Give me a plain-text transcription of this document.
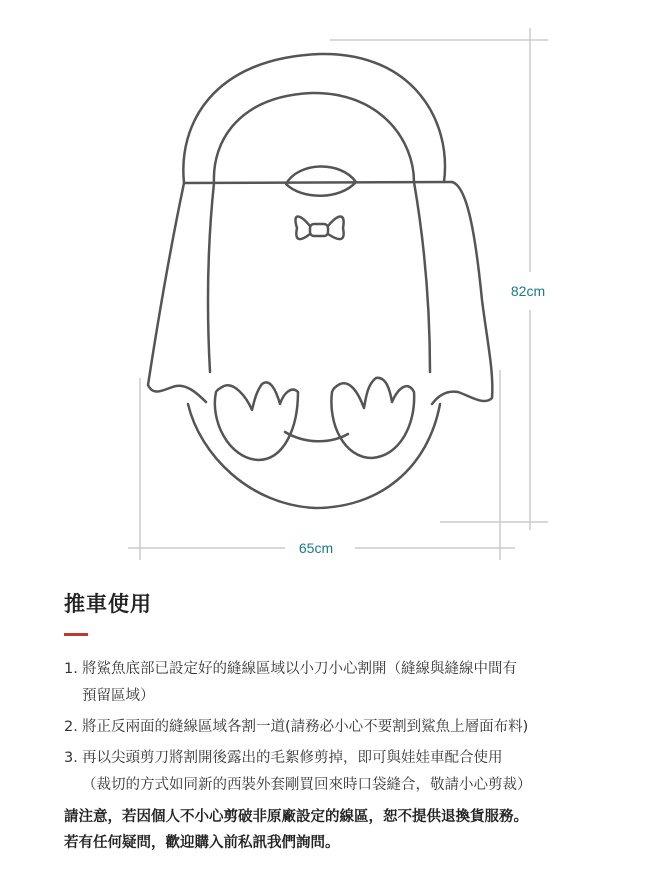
82cm
65cm
推車使用
1. 將鯊魚底部已設定好的縫線區域以小刀小心割開（縫線與縫線中間有
預留區域）
2. 將正反兩面的縫線區域各割一道(請務必小心不要割到鯊魚上層面布料)
3. 再以尖頭剪刀將割開後露出的毛絮修剪掉，即可與娃娃車配合使用
（裁切的方式如同新的西裝外套剛買回來時口袋縫合，敬請小心剪裁）

請注意，若因個人不小心剪破非原廠設定的線區，恕不提供退換貨服務。
若有任何疑問，歡迎購入前私訊我們詢問。
